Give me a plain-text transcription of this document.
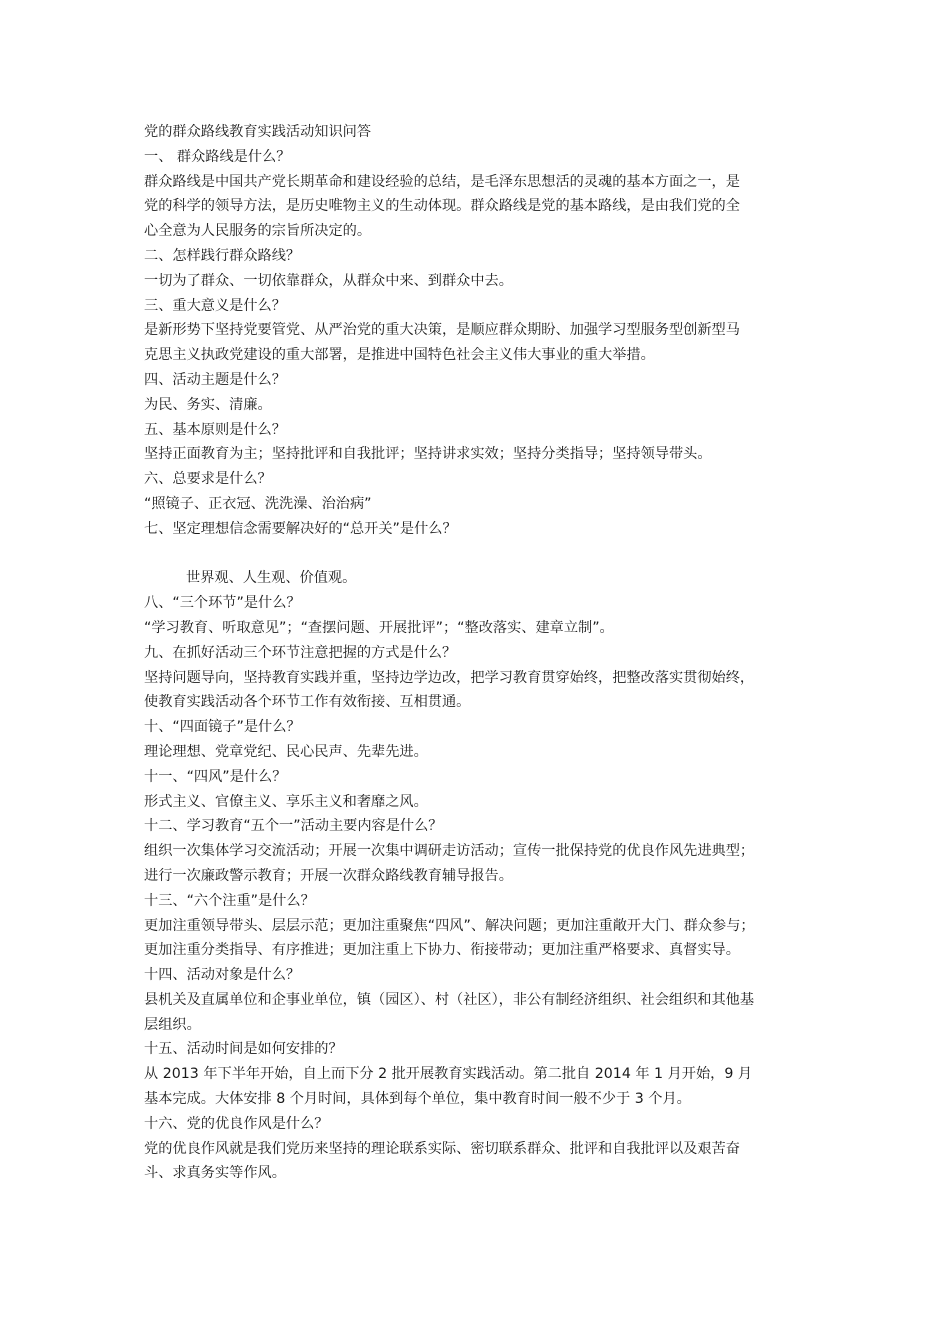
党的群众路线教育实践活动知识问答
一、 群众路线是什么？
群众路线是中国共产党长期革命和建设经验的总结，是毛泽东思想活的灵魂的基本方面之一，是
党的科学的领导方法，是历史唯物主义的生动体现。群众路线是党的基本路线，是由我们党的全
心全意为人民服务的宗旨所决定的。
二、怎样践行群众路线？
一切为了群众、一切依靠群众，从群众中来、到群众中去。
三、重大意义是什么？
是新形势下坚持党要管党、从严治党的重大决策，是顺应群众期盼、加强学习型服务型创新型马
克思主义执政党建设的重大部署，是推进中国特色社会主义伟大事业的重大举措。
四、活动主题是什么？
为民、务实、清廉。
五、基本原则是什么？
坚持正面教育为主；坚持批评和自我批评；坚持讲求实效；坚持分类指导；坚持领导带头。
六、总要求是什么？
“照镜子、正衣冠、洗洗澡、治治病”
七、坚定理想信念需要解决好的“总开关”是什么？
世界观、人生观、价值观。
八、“三个环节”是什么？
“学习教育、听取意见”；“查摆问题、开展批评”；“整改落实、建章立制”。
九、在抓好活动三个环节注意把握的方式是什么？
坚持问题导向，坚持教育实践并重，坚持边学边改，把学习教育贯穿始终，把整改落实贯彻始终，
使教育实践活动各个环节工作有效衔接、互相贯通。
十、“四面镜子”是什么？
理论理想、党章党纪、民心民声、先辈先进。
十一、“四风”是什么？
形式主义、官僚主义、享乐主义和奢靡之风。
十二、学习教育“五个一”活动主要内容是什么？
组织一次集体学习交流活动；开展一次集中调研走访活动；宣传一批保持党的优良作风先进典型；
进行一次廉政警示教育；开展一次群众路线教育辅导报告。
十三、“六个注重”是什么？
更加注重领导带头、层层示范；更加注重聚焦“四风”、解决问题；更加注重敞开大门、群众参与；
更加注重分类指导、有序推进；更加注重上下协力、衔接带动；更加注重严格要求、真督实导。
十四、活动对象是什么？
县机关及直属单位和企事业单位，镇（园区）、村（社区），非公有制经济组织、社会组织和其他基
层组织。
十五、活动时间是如何安排的？
从 2013 年下半年开始，自上而下分 2 批开展教育实践活动。第二批自 2014 年 1 月开始，9 月
基本完成。大体安排 8 个月时间，具体到每个单位，集中教育时间一般不少于 3 个月。
十六、党的优良作风是什么？
党的优良作风就是我们党历来坚持的理论联系实际、密切联系群众、批评和自我批评以及艰苦奋
斗、求真务实等作风。
